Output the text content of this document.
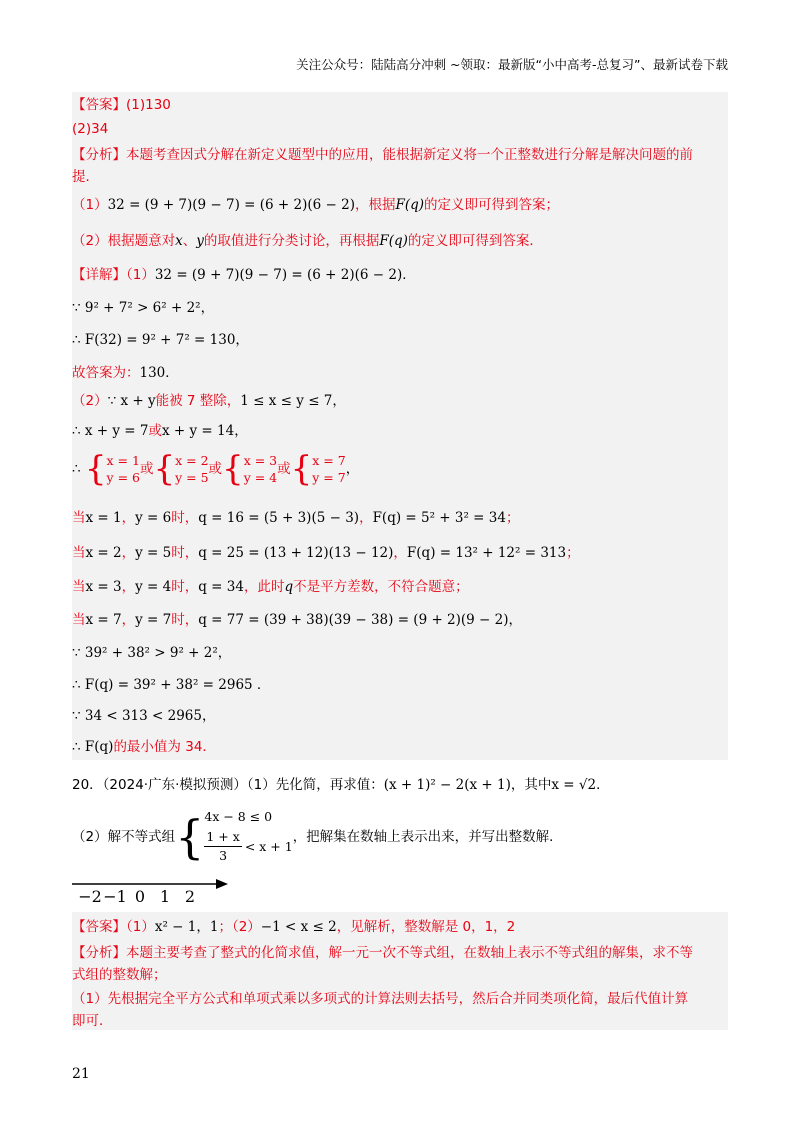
关注公众号：陆陆高分冲刺 ~领取：最新版“小中高考-总复习”、最新试卷下载
【答案】(1)130
(2)34
【分析】本题考查因式分解在新定义题型中的应用，能根据新定义将一个正整数进行分解是解决问题的前
提．
（1）32 = (9 + 7)(9 − 7) = (6 + 2)(6 − 2)，根据F(q)的定义即可得到答案；
（2）根据题意对x、y的取值进行分类讨论，再根据F(q)的定义即可得到答案．
【详解】（1）32 = (9 + 7)(9 − 7) = (6 + 2)(6 − 2)．
∵ 9² + 7² > 6² + 2²，
∴ F(32) = 9² + 7² = 130，
故答案为：130．
（2）∵ x + y能被 7 整除，1 ≤ x ≤ y ≤ 7，
∴ x + y = 7或x + y = 14，
∴ { x = 1
y = 6
或 { x = 2
y = 5
或 { x = 3
y = 4
或 { x = 7
y = 7
，
当x = 1，y = 6时，q = 16 = (5 + 3)(5 − 3)，F(q) = 5² + 3² = 34；
当x = 2，y = 5时，q = 25 = (13 + 12)(13 − 12)，F(q) = 13² + 12² = 313；
当x = 3，y = 4时，q = 34，此时q不是平方差数，不符合题意；
当x = 7，y = 7时，q = 77 = (39 + 38)(39 − 38) = (9 + 2)(9 − 2)，
∵ 39² + 38² > 9² + 2²，
∴ F(q) = 39² + 38² = 2965 ．
∵ 34 < 313 < 2965，
∴ F(q)的最小值为 34．
20．（2024·广东·模拟预测）（1）先化简，再求值：(x + 1)² − 2(x + 1)，其中x = √2．
（2）解不等式组 { 4x − 8 ≤ 0
$\frac{1 + x}{3} < x + 1$
，把解集在数轴上表示出来，并写出整数解．
−2 −1 0 1 2
【答案】（1）x² − 1，1；（2）−1 < x ≤ 2，见解析，整数解是 0，1，2
【分析】本题主要考查了整式的化简求值，解一元一次不等式组，在数轴上表示不等式组的解集，求不等
式组的整数解；
（1）先根据完全平方公式和单项式乘以多项式的计算法则去括号，然后合并同类项化简，最后代值计算
即可．
21
